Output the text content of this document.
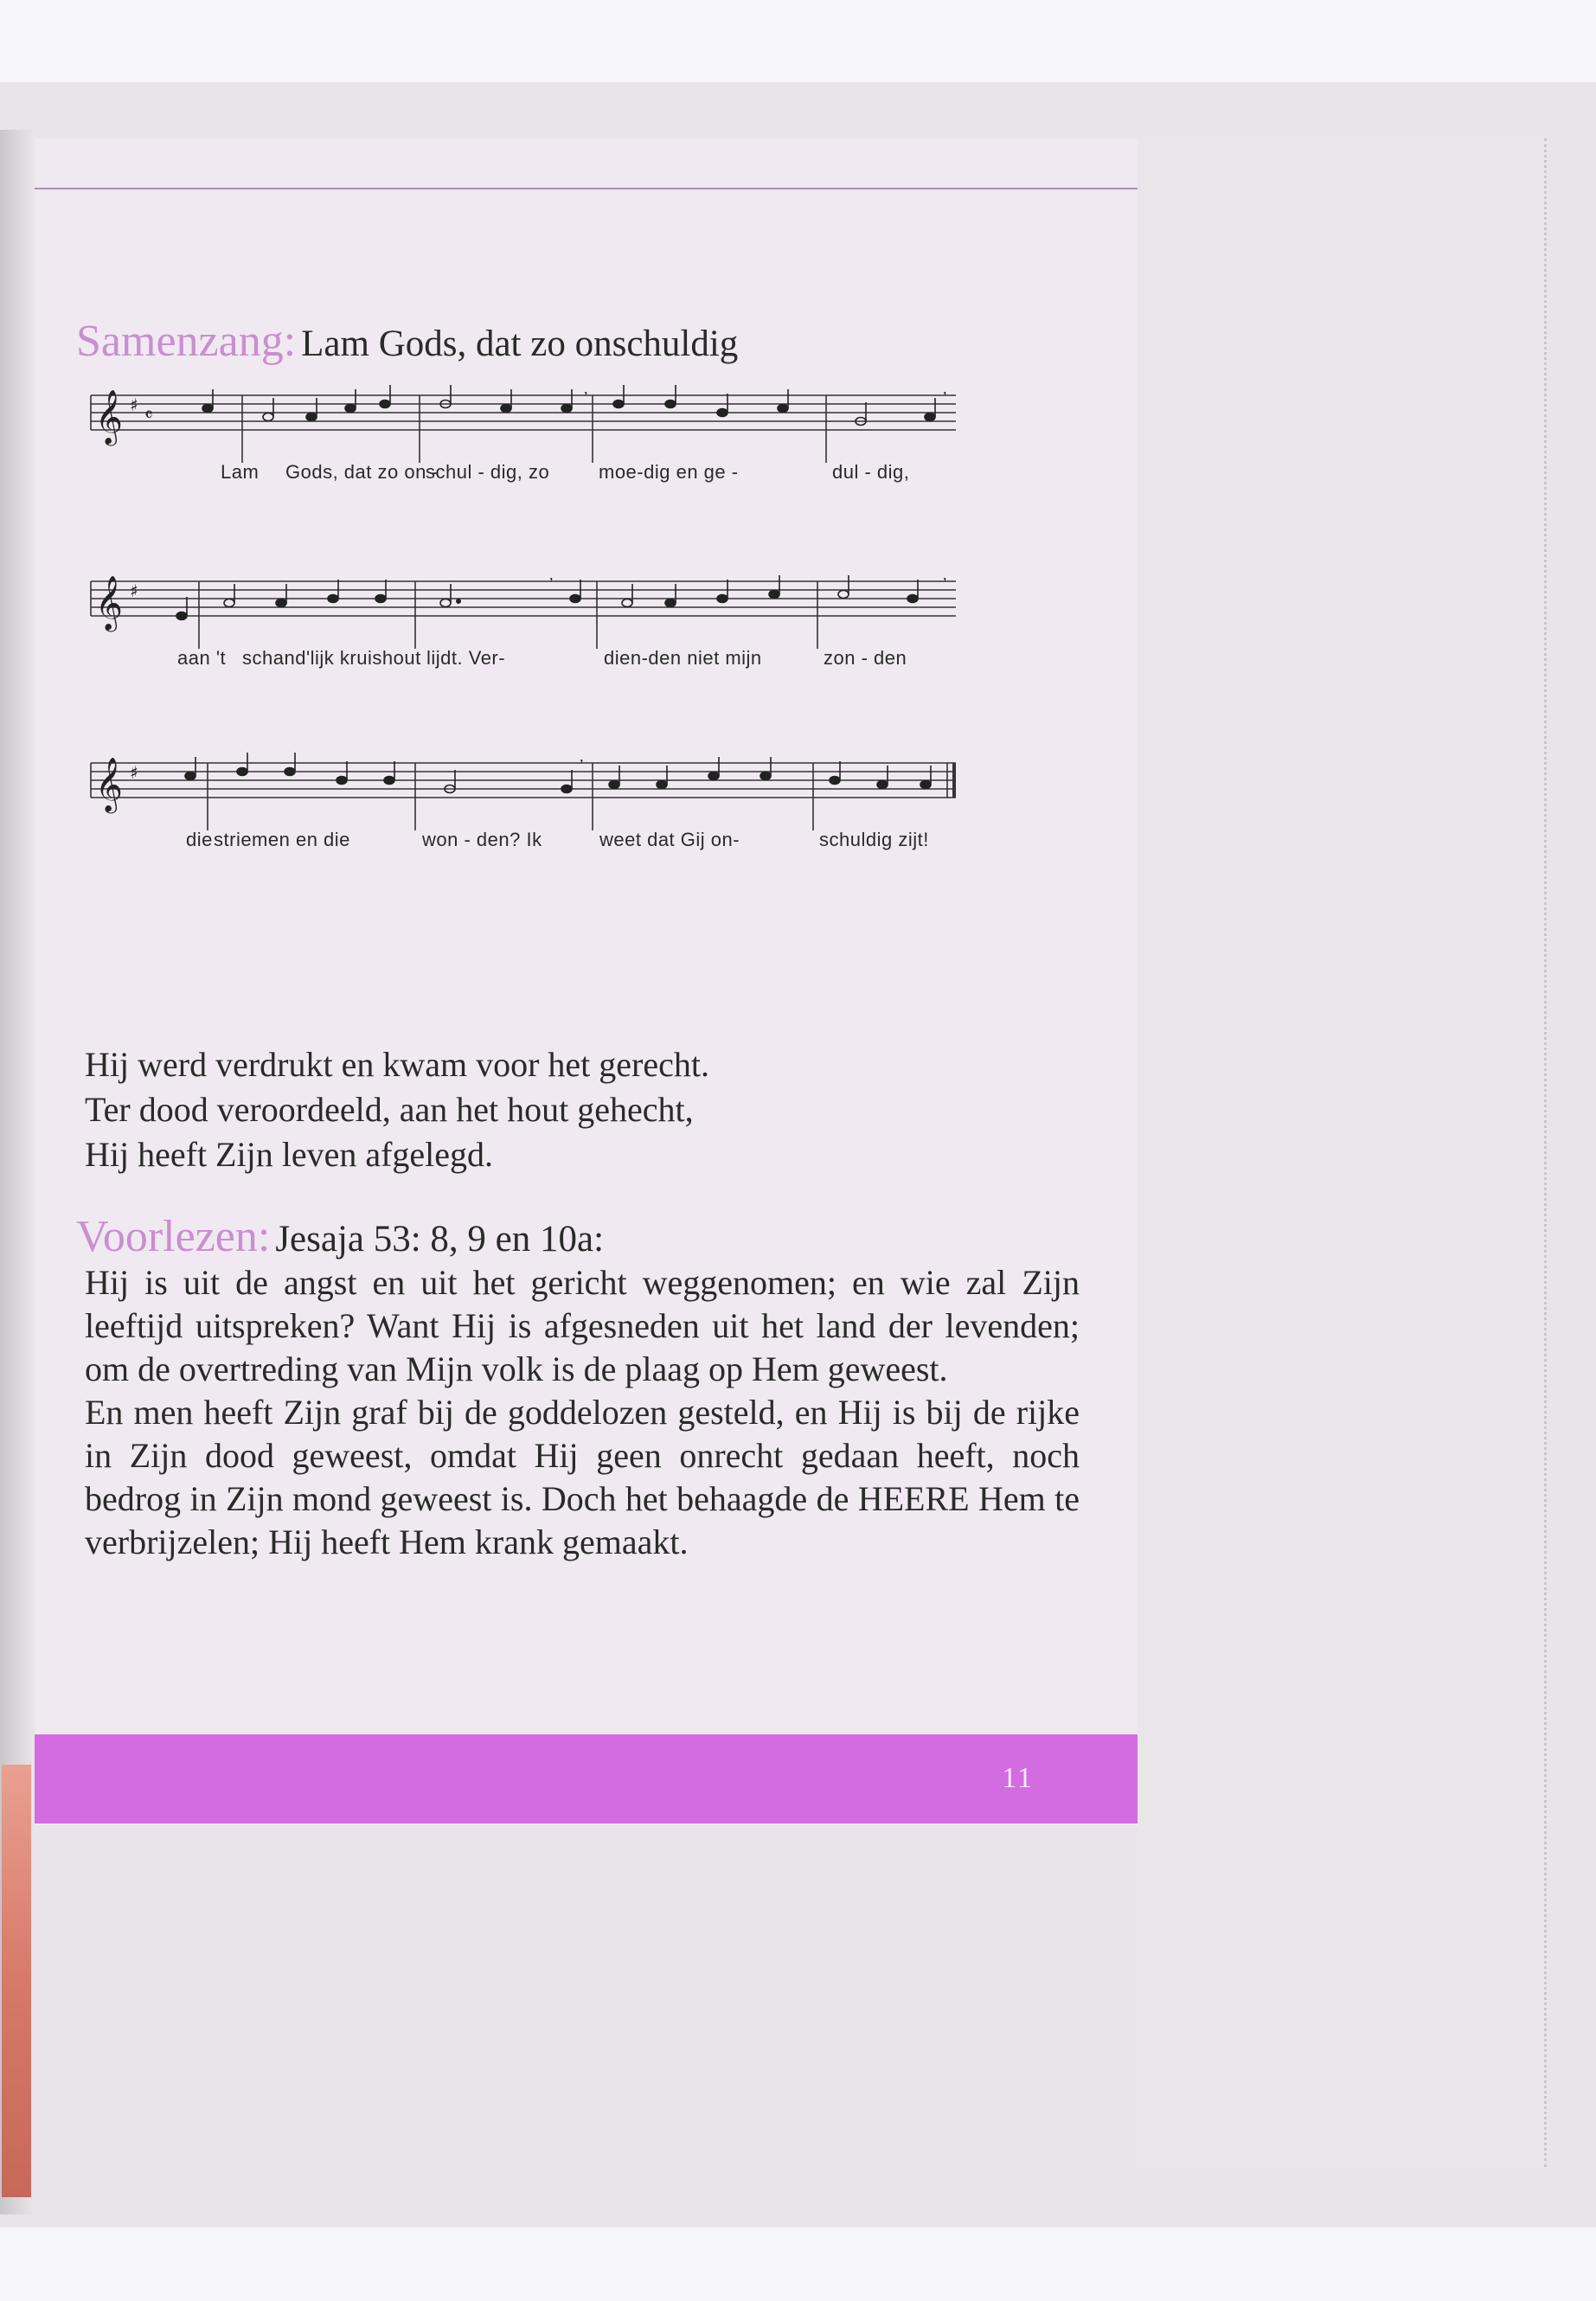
Samenzang: Lam Gods, dat zo onschuldig
𝄞 ♯ 𝄴
,	,

Lam Gods, dat zo on -

schul - dig, zo	moe-dig en ge -	dul - dig,

𝄞 ♯
,	,

aan 't schand'lijk kruishout lijdt. Ver-	dien-den niet mijn	zon - den

𝄞 ♯
,

die striemen en die	won - den? Ik	weet dat Gij on-	schuldig zijt!

Hij werd verdrukt en kwam voor het gerecht.
Ter dood veroordeeld, aan het hout gehecht,
Hij heeft Zijn leven afgelegd.
Voorlezen: Jesaja 53: 8, 9 en 10a:

Hij is uit de angst en uit het gericht weggenomen; en wie zal Zijn leeftijd uitspreken? Want Hij is afgesneden uit het land der levenden; om de overtreding van Mijn volk is de plaag op Hem geweest.

En men heeft Zijn graf bij de goddelozen gesteld, en Hij is bij de rijke in Zijn dood geweest, omdat Hij geen onrecht gedaan heeft, noch bedrog in Zijn mond geweest is. Doch het behaagde de HEERE Hem te verbrijzelen; Hij heeft Hem krank gemaakt.

11
